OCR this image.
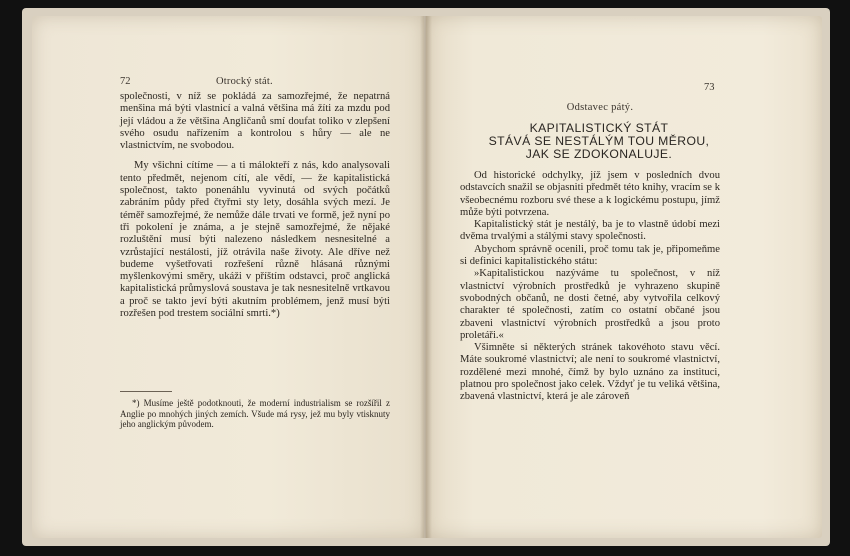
72	Otrocký stát.

společnosti, v níž se pokládá za samozřejmé, že nepatrná menšina má býti vlastnicí a valná většina má žíti za mzdu pod její vládou a že většina Angličanů smí doufat toliko v zlepšení svého osudu nařízením a kontrolou s hůry — ale ne vlastnictvím, ne svobodou.

My všichni cítíme — a ti málokteří z nás, kdo analysovali tento předmět, nejenom cítí, ale vědí, — že kapitalistická společnost, takto ponenáhlu vyvinutá od svých počátků zabráním půdy před čtyřmi sty lety, dosáhla svých mezí. Je téměř samozřejmé, že nemůže dále trvati ve formě, jež nyní po tři pokolení je známa, a je stejně samozřejmé, že nějaké rozluštění musí býti nalezeno následkem nesnesitelné a vzrůstající nestálosti, jíž otrávila naše životy. Ale dříve než budeme vyšetřovati rozřešení různě hlásaná různými myšlenkovými směry, ukáži v příštím odstavci, proč anglická kapitalistická průmyslová soustava je tak nesnesitelně vrtkavou a proč se takto jeví býti akutním problémem, jenž musí býti rozřešen pod trestem sociální smrti.*)

*) Musíme ještě podotknouti, že moderní industrialism se rozšířil z Anglie po mnohých jiných zemích. Všude má rysy, jež mu byly vtisknuty jeho anglickým původem.

73
Odstavec pátý.
KAPITALISTICKÝ STÁT
STÁVÁ SE NESTÁLÝM TOU MĚROU,
JAK SE ZDOKONALUJE.

Od historické odchylky, jíž jsem v posledních dvou odstavcích snažil se objasniti předmět této knihy, vracím se k všeobecnému rozboru své these a k logickému postupu, jímž může býti potvrzena.

Kapitalistický stát je nestálý, ba je to vlastně údobí mezi dvěma trvalými a stálými stavy společnosti.

Abychom správně ocenili, proč tomu tak je, připomeňme si definici kapitalistického státu:

»Kapitalistickou nazýváme tu společnost, v níž vlastnictví výrobních prostředků je vyhrazeno skupině svobodných občanů, ne dosti četné, aby vytvořila celkový charakter té společnosti, zatím co ostatní občané jsou zbaveni vlastnictví výrobních prostředků a jsou proto proletáři.«

Všimněte si některých stránek takovéhoto stavu věcí. Máte soukromé vlastnictví; ale není to soukromé vlastnictví, rozdělené mezi mnohé, čímž by bylo uznáno za instituci, platnou pro společnost jako celek. Vždyť je tu veliká většina, zbavená vlastnictví, která je ale zároveň
